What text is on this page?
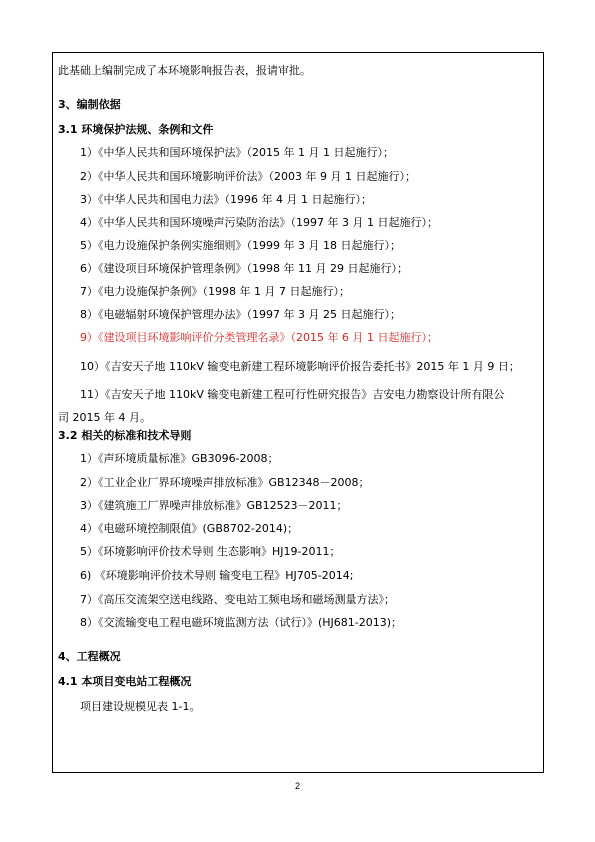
此基础上编制完成了本环境影响报告表，报请审批。
3、编制依据
3.1 环境保护法规、条例和文件
1）《中华人民共和国环境保护法》（2015 年 1 月 1 日起施行）；
2）《中华人民共和国环境影响评价法》（2003 年 9 月 1 日起施行）；
3）《中华人民共和国电力法》（1996 年 4 月 1 日起施行）；
4）《中华人民共和国环境噪声污染防治法》（1997 年 3 月 1 日起施行）；
5）《电力设施保护条例实施细则》（1999 年 3 月 18 日起施行）；
6）《建设项目环境保护管理条例》（1998 年 11 月 29 日起施行）；
7）《电力设施保护条例》（1998 年 1 月 7 日起施行）；
8）《电磁辐射环境保护管理办法》（1997 年 3 月 25 日起施行）；
9）《建设项目环境影响评价分类管理名录》（2015 年 6 月 1 日起施行）；
10）《吉安天子地 110kV 输变电新建工程环境影响评价报告委托书》2015 年 1 月 9 日；
11）《吉安天子地 110kV 输变电新建工程可行性研究报告》吉安电力勘察设计所有限公
司 2015 年 4 月。
3.2 相关的标准和技术导则
1）《声环境质量标准》GB3096-2008；
2）《工业企业厂界环境噪声排放标准》GB12348－2008；
3）《建筑施工厂界噪声排放标准》GB12523－2011；
4）《电磁环境控制限值》(GB8702-2014)；
5）《环境影响评价技术导则 生态影响》HJ19-2011；
6) 《环境影响评价技术导则 输变电工程》HJ705-2014;
7）《高压交流架空送电线路、变电站工频电场和磁场测量方法》；
8）《交流输变电工程电磁环境监测方法（试行）》(HJ681-2013)；
4、工程概况
4.1 本项目变电站工程概况
项目建设规模见表 1-1。
2
